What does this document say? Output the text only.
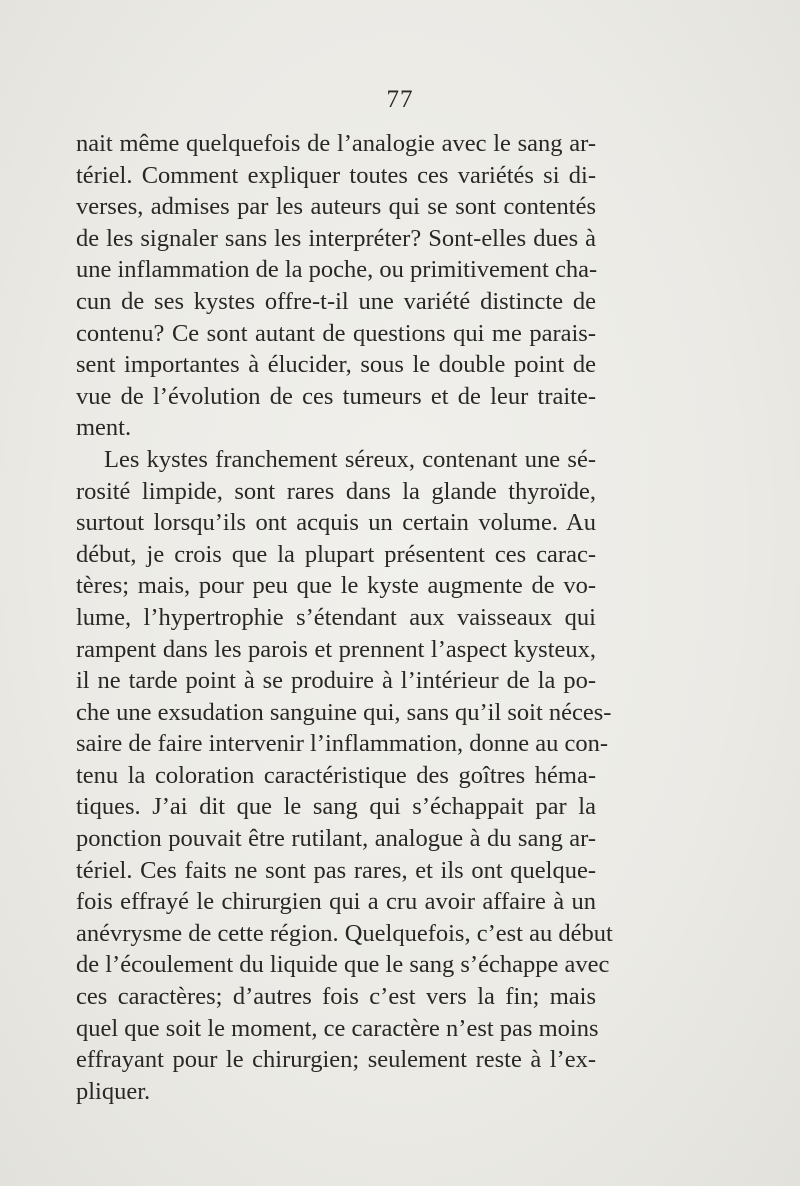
77
nait même quelquefois de l’analogie avec le sang ar-
tériel. Comment expliquer toutes ces variétés si di-
verses, admises par les auteurs qui se sont contentés
de les signaler sans les interpréter? Sont-elles dues à
une inflammation de la poche, ou primitivement cha-
cun de ses kystes offre-t-il une variété distincte de
contenu? Ce sont autant de questions qui me parais-
sent importantes à élucider, sous le double point de
vue de l’évolution de ces tumeurs et de leur traite-
ment.
Les kystes franchement séreux, contenant une sé-
rosité limpide, sont rares dans la glande thyroïde,
surtout lorsqu’ils ont acquis un certain volume. Au
début, je crois que la plupart présentent ces carac-
tères; mais, pour peu que le kyste augmente de vo-
lume, l’hypertrophie s’étendant aux vaisseaux qui
rampent dans les parois et prennent l’aspect kysteux,
il ne tarde point à se produire à l’intérieur de la po-
che une exsudation sanguine qui, sans qu’il soit néces-
saire de faire intervenir l’inflammation, donne au con-
tenu la coloration caractéristique des goîtres héma-
tiques. J’ai dit que le sang qui s’échappait par la
ponction pouvait être rutilant, analogue à du sang ar-
tériel. Ces faits ne sont pas rares, et ils ont quelque-
fois effrayé le chirurgien qui a cru avoir affaire à un
anévrysme de cette région. Quelquefois, c’est au début
de l’écoulement du liquide que le sang s’échappe avec
ces caractères; d’autres fois c’est vers la fin; mais
quel que soit le moment, ce caractère n’est pas moins
effrayant pour le chirurgien; seulement reste à l’ex-
pliquer.
